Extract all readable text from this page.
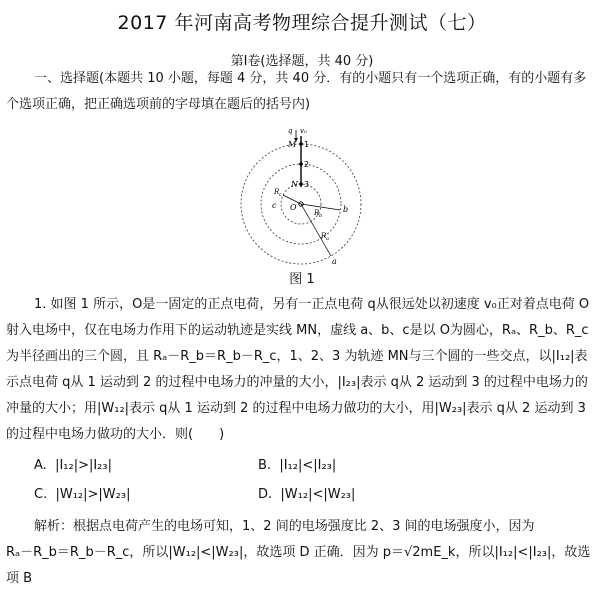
2017 年河南高考物理综合提升测试（七）
第Ⅰ卷(选择题，共 40 分)
一、选择题(本题共 10 小题，每题 4 分，共 40 分．有的小题只有一个选项正确，有的小题有多个选项正确，把正确选项前的字母填在题后的括号内)
q v₀
M 1
2
N 3
R c
c O
R b
b
R a
a
图 1
1. 如图 1 所示，O是一固定的正点电荷，另有一正点电荷 q从很远处以初速度 v₀正对着点电荷 O射入电场中，仅在电场力作用下的运动轨迹是实线 MN，虚线 a、b、c是以 O为圆心，Rₐ、R_b、R_c为半径画出的三个圆，且 Rₐ－R_b＝R_b－R_c，1、2、3 为轨迹 MN与三个圆的一些交点，以|I₁₂|表示点电荷 q从 1 运动到 2 的过程中电场力的冲量的大小，|I₂₃|表示 q从 2 运动到 3 的过程中电场力的冲量的大小；用|W₁₂|表示 q从 1 运动到 2 的过程中电场力做功的大小，用|W₂₃|表示 q从 2 运动到 3 的过程中电场力做功的大小．则(　　)
A. |I₁₂|>|I₂₃|	B. |I₁₂|<|I₂₃|
C. |W₁₂|>|W₂₃|	D. |W₁₂|<|W₂₃|
解析：根据点电荷产生的电场可知，1、2 间的电场强度比 2、3 间的电场强度小，因为
Rₐ－R_b＝R_b－R_c，所以|W₁₂|<|W₂₃|，故选项 D 正确．因为 p＝√2mE_k，所以|I₁₂|<|I₂₃|，故选项 B
